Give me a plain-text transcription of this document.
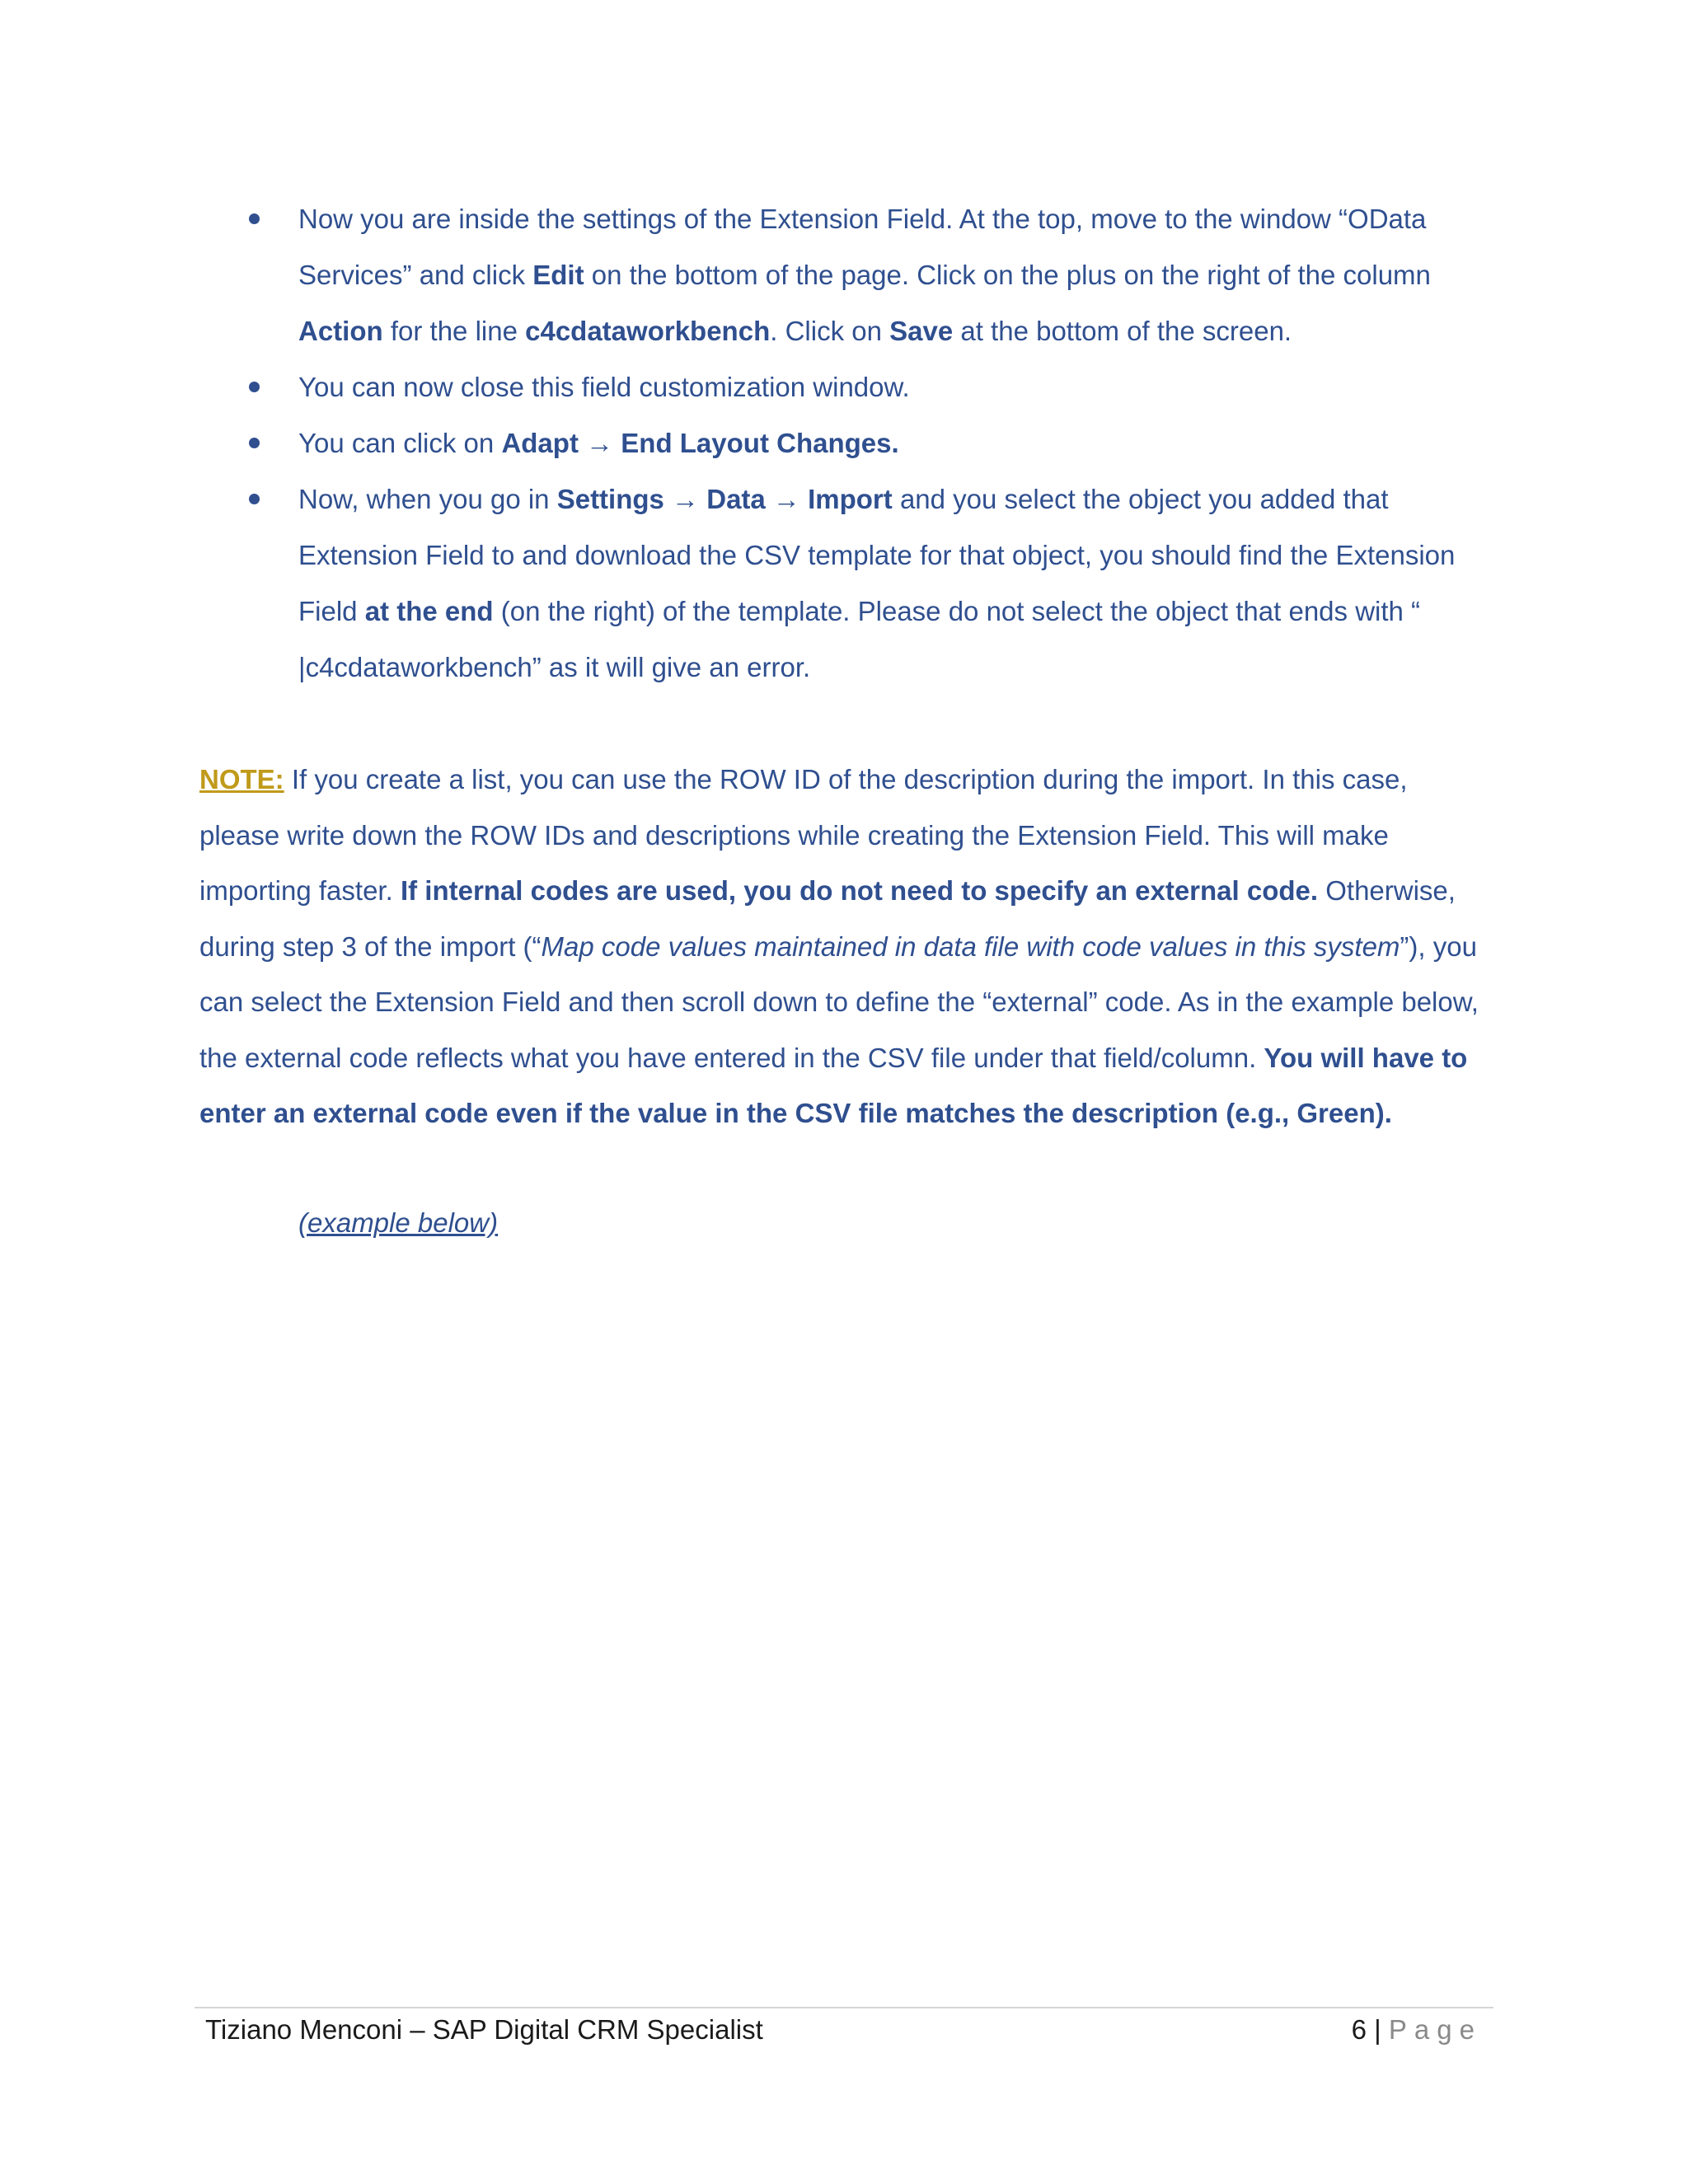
Now you are inside the settings of the Extension Field. At the top, move to the window “OData Services” and click Edit on the bottom of the page. Click on the plus on the right of the column Action for the line c4cdataworkbench. Click on Save at the bottom of the screen.
You can now close this field customization window.
You can click on Adapt → End Layout Changes.
Now, when you go in Settings → Data → Import and you select the object you added that Extension Field to and download the CSV template for that object, you should find the Extension Field at the end (on the right) of the template. Please do not select the object that ends with “ |c4cdataworkbench” as it will give an error.

NOTE: If you create a list, you can use the ROW ID of the description during the import. In this case, please write down the ROW IDs and descriptions while creating the Extension Field. This will make importing faster. If internal codes are used, you do not need to specify an external code. Otherwise, during step 3 of the import (“Map code values maintained in data file with code values in this system”), you can select the Extension Field and then scroll down to define the “external” code. As in the example below, the external code reflects what you have entered in the CSV file under that field/column. You will have to enter an external code even if the value in the CSV file matches the description (e.g., Green).

(example below)
Tiziano Menconi – SAP Digital CRM Specialist	6 | Page
